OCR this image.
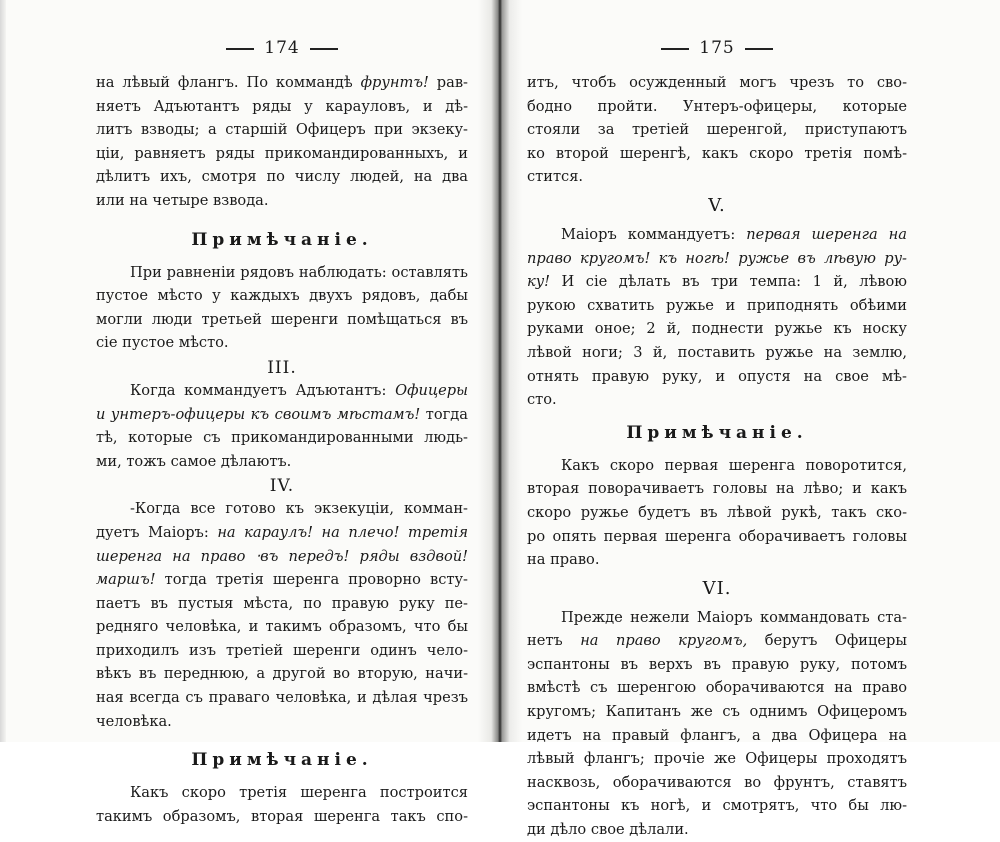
174
на лѣвый флангъ. По коммандѣ фрунтъ! рав-
няетъ Адъютантъ ряды у карауловъ, и дѣ-
литъ взводы; а старшій Офицеръ при экзеку-
ціи, равняетъ ряды прикомандированныхъ, и
дѣлитъ ихъ, смотря по числу людей, на два
или на четыре взвода.
Примѣчаніе.
При равненіи рядовъ наблюдать: оставлять
пустое мѣсто у каждыхъ двухъ рядовъ, дабы
могли люди третьей шеренги помѣщаться въ
сіе пустое мѣсто.
III.
Когда коммандуетъ Адъютантъ: Офицеры
и унтеръ-офицеры къ своимъ мѣстамъ! тогда
тѣ, которые съ прикомандированными людь-
ми, тожъ самое дѣлаютъ.
IV.
-Когда все готово къ экзекуціи, комман-
дуетъ Маіоръ: на караулъ! на плечо! третія
шеренга на право ‧въ передъ! ряды вздвой!
маршъ! тогда третія шеренга проворно всту-
паетъ въ пустыя мѣста, по правую руку пе-
редняго человѣка, и такимъ образомъ, что бы
приходилъ изъ третіей шеренги одинъ чело-
вѣкъ въ переднюю, а другой во вторую, начи-
ная всегда съ праваго человѣка, и дѣлая чрезъ
человѣка.
Примѣчаніе.
Какъ скоро третія шеренга построится
такимъ образомъ, вторая шеренга такъ спо-
175
итъ, чтобъ осужденный могъ чрезъ то сво-
бодно пройти. Унтеръ-офицеры, которые
стояли за третіей шеренгой, приступаютъ
ко второй шеренгѣ, какъ скоро третія помѣ-
стится.
V.
Маіоръ коммандуетъ: первая шеренга на
право кругомъ! къ ногѣ! ружье въ лѣвую ру-
ку! И сіе дѣлать въ три темпа: 1 й, лѣвою
рукою схватить ружье и приподнять обѣими
руками оное; 2 й, поднести ружье къ носку
лѣвой ноги; 3 й, поставить ружье на землю,
отнять правую руку, и опустя на свое мѣ-
сто.
Примѣчаніе.
Какъ скоро первая шеренга поворотится,
вторая поворачиваетъ головы на лѣво; и какъ
скоро ружье будетъ въ лѣвой рукѣ, такъ ско-
ро опять первая шеренга оборачиваетъ головы
на право.
VI.
Прежде нежели Маіоръ коммандовать ста-
нетъ на право кругомъ, берутъ Офицеры
эспантоны въ верхъ въ правую руку, потомъ
вмѣстѣ съ шеренгою оборачиваются на право
кругомъ; Капитанъ же съ однимъ Офицеромъ
идетъ на правый флангъ, а два Офицера на
лѣвый флангъ; прочіе же Офицеры проходятъ
насквозь, оборачиваются во фрунтъ, ставятъ
эспантоны къ ногѣ, и смотрятъ, что бы лю-
ди дѣло свое дѣлали.
